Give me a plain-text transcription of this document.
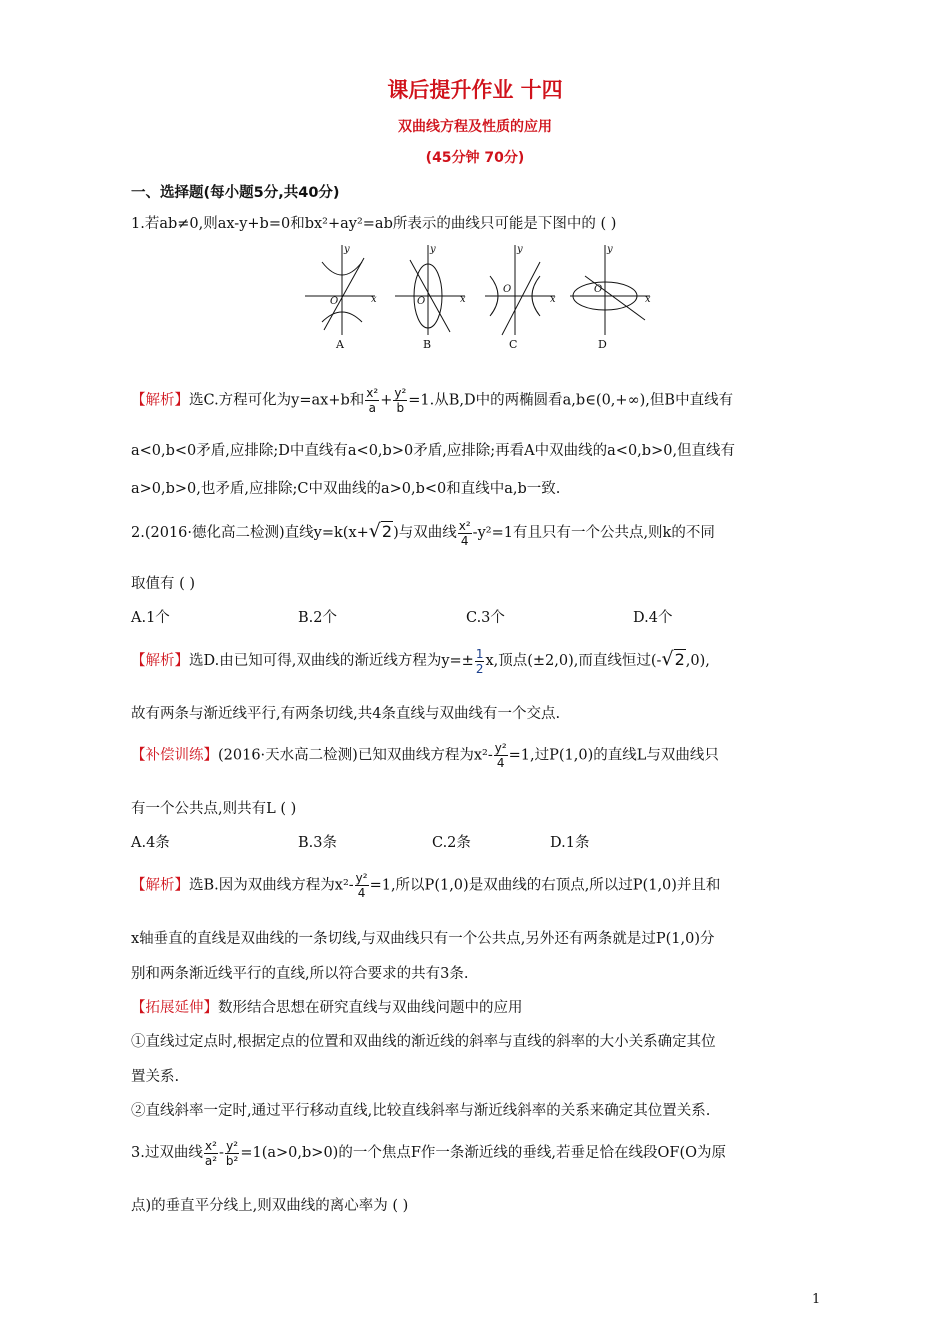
课后提升作业 十四
双曲线方程及性质的应用
(45分钟 70分)
一、选择题(每小题5分,共40分)
1.若ab≠0,则ax-y+b=0和bx²+ay²=ab所表示的曲线只可能是下图中的 ( )
x
y
O
A
x
y
O
B
x
y
O
C
x
y
O
D
【解析】选C.方程可化为y=ax+b和 $\frac{\text{x²}}{a} + \frac{\text{y²}}{b} =1$.从B,D中的两椭圆看a,b∈(0,+∞),但B中直线有
a<0,b<0矛盾,应排除;D中直线有a<0,b>0矛盾,应排除;再看A中双曲线的a<0,b>0,但直线有
a>0,b>0,也矛盾,应排除;C中双曲线的a>0,b<0和直线中a,b一致.
2.(2016·德化高二检测)直线y=k(x+√2)与双曲线 $\frac{\text{x²}}{4} -y^2=1$有且只有一个公共点,则k的不同
取值有 ( )
A.1个	B.2个	C.3个	D.4个
【解析】选D.由已知可得,双曲线的渐近线方程为$y=\pm \frac{1}{2} x$,顶点(±2,0),而直线恒过(-√2,0),
故有两条与渐近线平行,有两条切线,共4条直线与双曲线有一个交点.
【补偿训练】(2016·天水高二检测)已知双曲线方程为$x^2- \frac{\text{y²}}{4} =1$,过P(1,0)的直线L与双曲线只
有一个公共点,则共有L ( )
A.4条	B.3条	C.2条	D.1条
【解析】选B.因为双曲线方程为$x^2- \frac{\text{y²}}{4} =1$,所以P(1,0)是双曲线的右顶点,所以过P(1,0)并且和
x轴垂直的直线是双曲线的一条切线,与双曲线只有一个公共点,另外还有两条就是过P(1,0)分
别和两条渐近线平行的直线,所以符合要求的共有3条.
【拓展延伸】数形结合思想在研究直线与双曲线问题中的应用
①直线过定点时,根据定点的位置和双曲线的渐近线的斜率与直线的斜率的大小关系确定其位
置关系.
②直线斜率一定时,通过平行移动直线,比较直线斜率与渐近线斜率的关系来确定其位置关系.
3.过双曲线 $\frac{\text{x²}}{\text{a²}} - \frac{\text{y²}}{\text{b²}} =1(a>0,b>0)$的一个焦点F作一条渐近线的垂线,若垂足恰在线段OF(O为原
点)的垂直平分线上,则双曲线的离心率为 ( )
1
